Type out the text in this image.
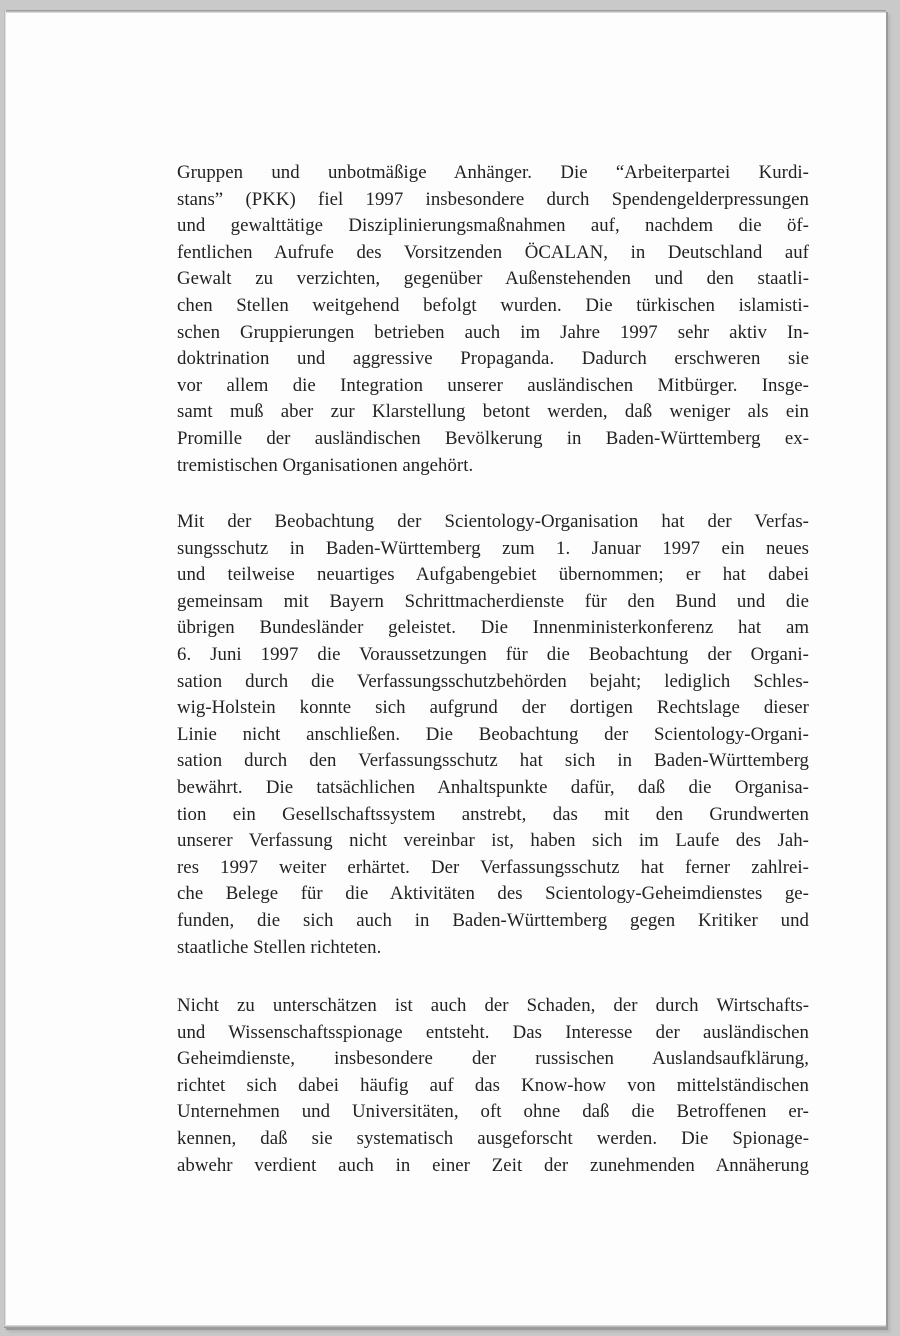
Gruppen und unbotmäßige Anhänger. Die “Arbeiterpartei Kurdi-
stans” (PKK) fiel 1997 insbesondere durch Spendengelderpressungen
und gewalttätige Disziplinierungsmaßnahmen auf, nachdem die öf-
fentlichen Aufrufe des Vorsitzenden ÖCALAN, in Deutschland auf
Gewalt zu verzichten, gegenüber Außenstehenden und den staatli-
chen Stellen weitgehend befolgt wurden. Die türkischen islamisti-
schen Gruppierungen betrieben auch im Jahre 1997 sehr aktiv In-
doktrination und aggressive Propaganda. Dadurch erschweren sie
vor allem die Integration unserer ausländischen Mitbürger. Insge-
samt muß aber zur Klarstellung betont werden, daß weniger als ein
Promille der ausländischen Bevölkerung in Baden-Württemberg ex-
tremistischen Organisationen angehört.
Mit der Beobachtung der Scientology-Organisation hat der Verfas-
sungsschutz in Baden-Württemberg zum 1. Januar 1997 ein neues
und teilweise neuartiges Aufgabengebiet übernommen; er hat dabei
gemeinsam mit Bayern Schrittmacherdienste für den Bund und die
übrigen Bundesländer geleistet. Die Innenministerkonferenz hat am
6. Juni 1997 die Voraussetzungen für die Beobachtung der Organi-
sation durch die Verfassungsschutzbehörden bejaht; lediglich Schles-
wig-Holstein konnte sich aufgrund der dortigen Rechtslage dieser
Linie nicht anschließen. Die Beobachtung der Scientology-Organi-
sation durch den Verfassungsschutz hat sich in Baden-Württemberg
bewährt. Die tatsächlichen Anhaltspunkte dafür, daß die Organisa-
tion ein Gesellschaftssystem anstrebt, das mit den Grundwerten
unserer Verfassung nicht vereinbar ist, haben sich im Laufe des Jah-
res 1997 weiter erhärtet. Der Verfassungsschutz hat ferner zahlrei-
che Belege für die Aktivitäten des Scientology-Geheimdienstes ge-
funden, die sich auch in Baden-Württemberg gegen Kritiker und
staatliche Stellen richteten.
Nicht zu unterschätzen ist auch der Schaden, der durch Wirtschafts-
und Wissenschaftsspionage entsteht. Das Interesse der ausländischen
Geheimdienste, insbesondere der russischen Auslandsaufklärung,
richtet sich dabei häufig auf das Know-how von mittelständischen
Unternehmen und Universitäten, oft ohne daß die Betroffenen er-
kennen, daß sie systematisch ausgeforscht werden. Die Spionage-
abwehr verdient auch in einer Zeit der zunehmenden Annäherung
